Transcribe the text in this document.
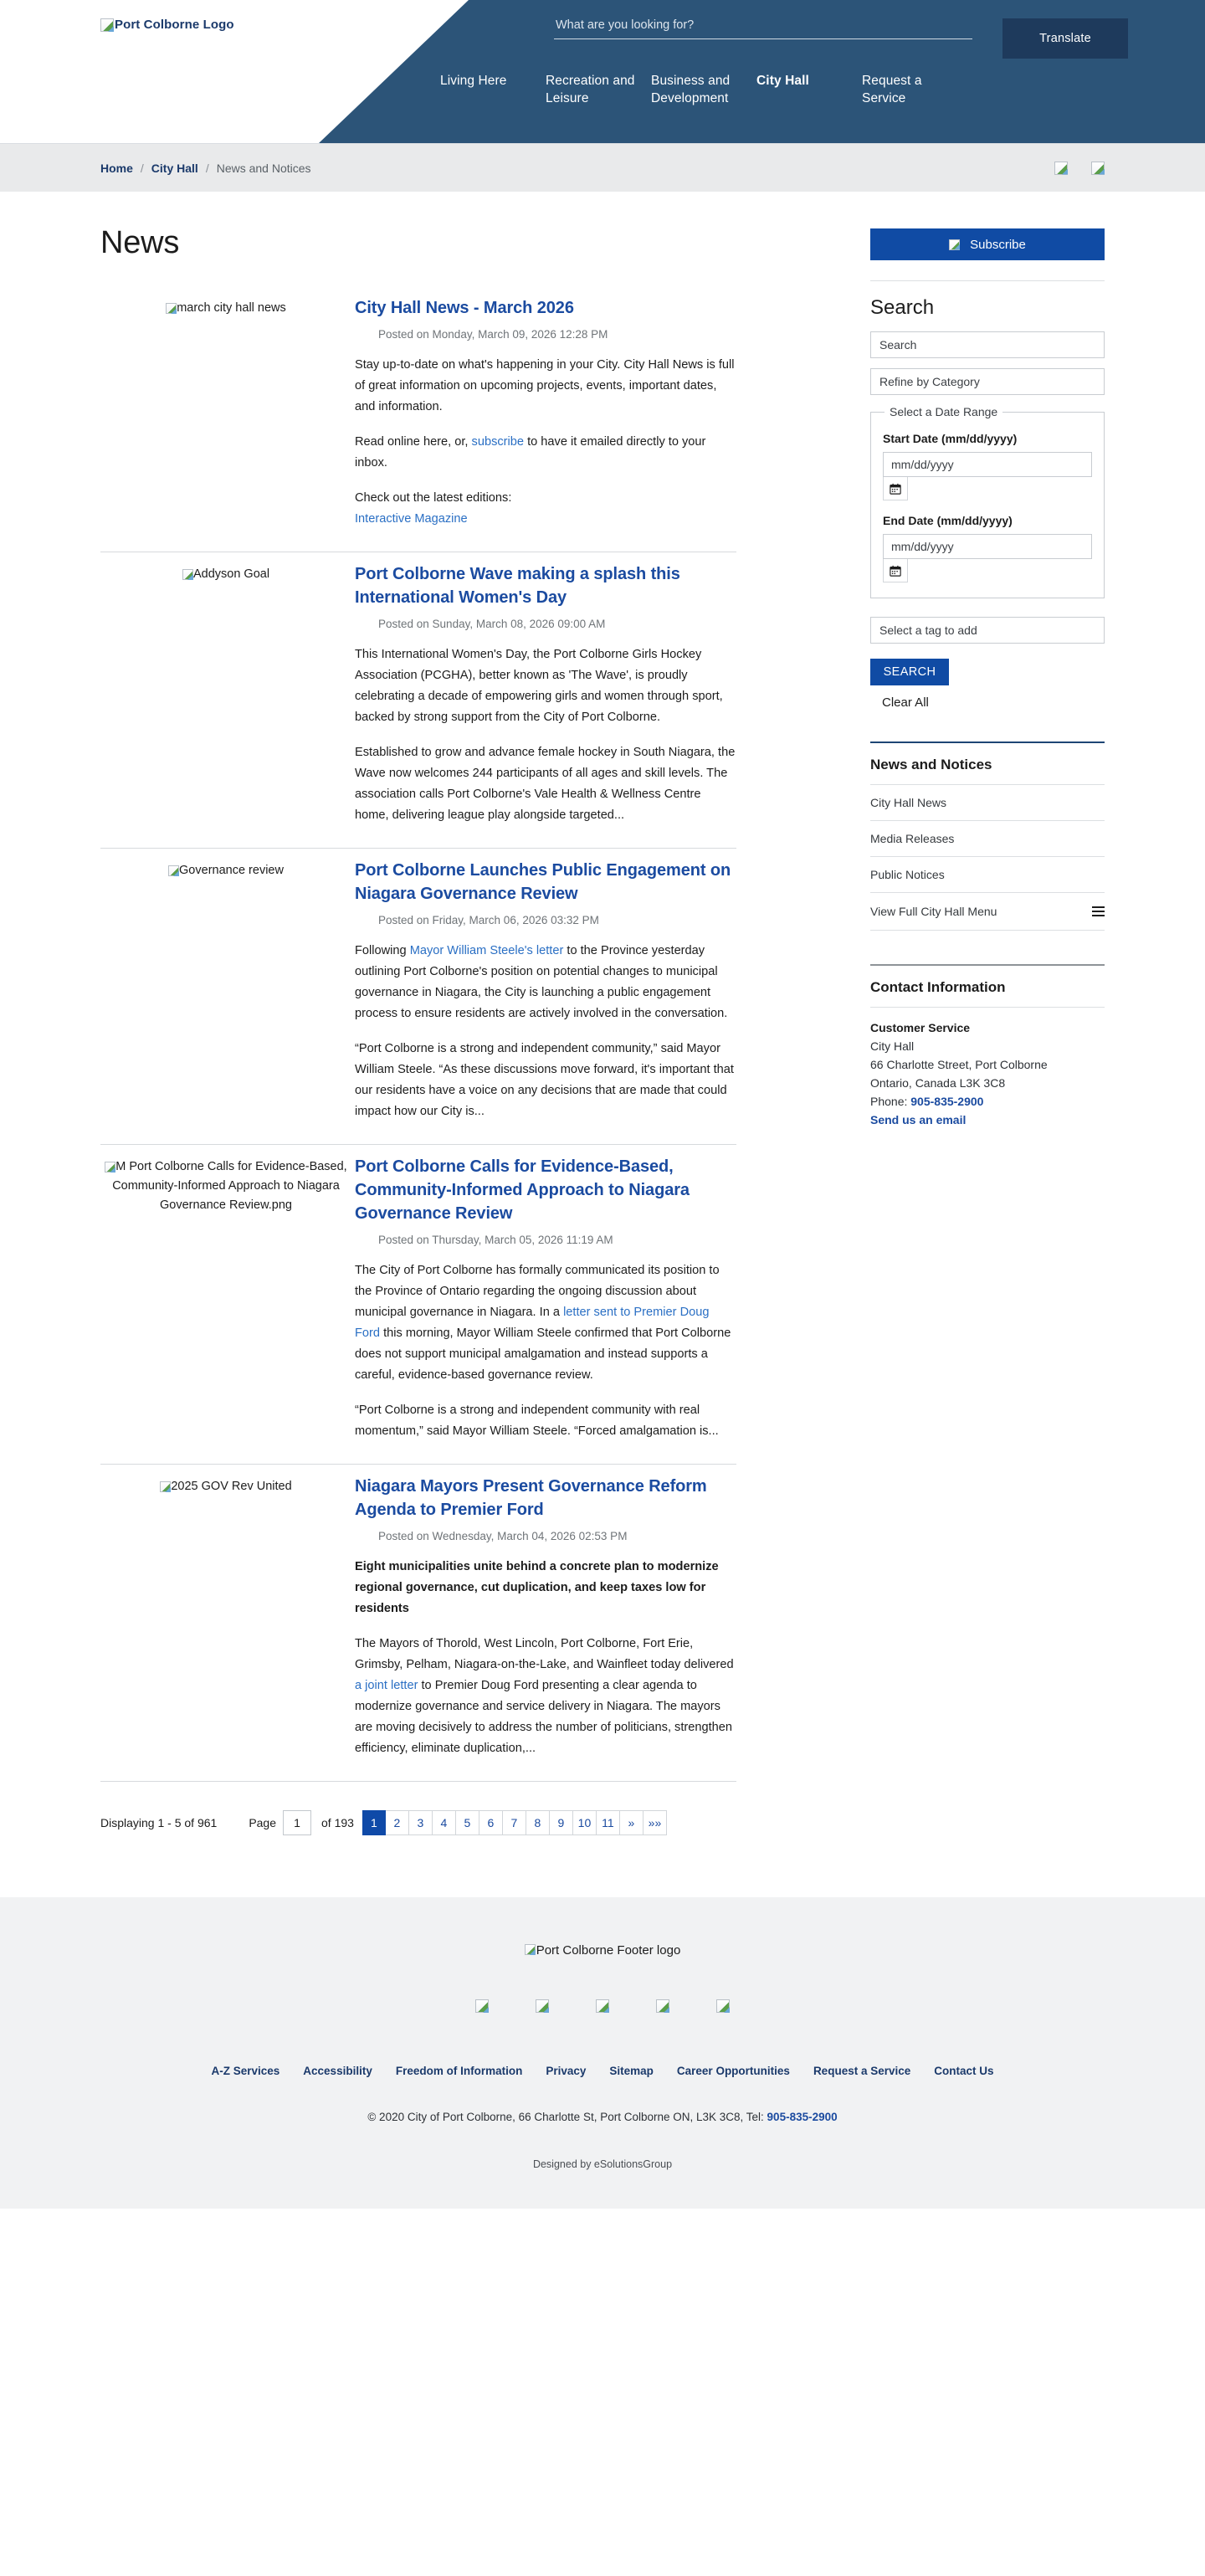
Port Colborne Logo
What are you looking for?
Translate
Living Here	Recreation and Leisure
Business and Development
City Hall	Request a Service
Home / City Hall / News and Notices
News
march city hall news	City Hall News - March 2026
Posted on Monday, March 09, 2026 12:28 PM

Stay up-to-date on what's happening in your City. City Hall News is full of great information on upcoming projects, events, important dates, and information.

Read online here, or, subscribe to have it emailed directly to your inbox.

Check out the latest editions:

Interactive Magazine
Addyson Goal	Port Colborne Wave making a splash this International Women's Day
Posted on Sunday, March 08, 2026 09:00 AM

This International Women's Day, the Port Colborne Girls Hockey Association (PCGHA), better known as 'The Wave', is proudly celebrating a decade of empowering girls and women through sport, backed by strong support from the City of Port Colborne.

Established to grow and advance female hockey in South Niagara, the Wave now welcomes 244 participants of all ages and skill levels. The association calls Port Colborne's Vale Health & Wellness Centre home, delivering league play alongside targeted...

Governance review	Port Colborne Launches Public Engagement on Niagara Governance Review
Posted on Friday, March 06, 2026 03:32 PM

Following Mayor William Steele's letter to the Province yesterday outlining Port Colborne's position on potential changes to municipal governance in Niagara, the City is launching a public engagement process to ensure residents are actively involved in the conversation.

“Port Colborne is a strong and independent community,” said Mayor William Steele. “As these discussions move forward, it's important that our residents have a voice on any decisions that are made that could impact how our City is...

M Port Colborne Calls for Evidence-Based, Community-Informed Approach to Niagara Governance Review.png
Port Colborne Calls for Evidence-Based, Community-Informed Approach to Niagara Governance Review
Posted on Thursday, March 05, 2026 11:19 AM

The City of Port Colborne has formally communicated its position to the Province of Ontario regarding the ongoing discussion about municipal governance in Niagara. In a letter sent to Premier Doug Ford this morning, Mayor William Steele confirmed that Port Colborne does not support municipal amalgamation and instead supports a careful, evidence-based governance review.

“Port Colborne is a strong and independent community with real momentum,” said Mayor William Steele. “Forced amalgamation is...

2025 GOV Rev United	Niagara Mayors Present Governance Reform Agenda to Premier Ford
Posted on Wednesday, March 04, 2026 02:53 PM

Eight municipalities unite behind a concrete plan to modernize regional governance, cut duplication, and keep taxes low for residents

The Mayors of Thorold, West Lincoln, Port Colborne, Fort Erie, Grimsby, Pelham, Niagara-on-the-Lake, and Wainfleet today delivered a joint letter to Premier Doug Ford presenting a clear agenda to modernize governance and service delivery in Niagara. The mayors are moving decisively to address the number of politicians, strengthen efficiency, eliminate duplication,...

Displaying 1 - 5 of 961	Page
1	of 193	1	2	3	4	5	6	7	8	9	10 11	»	»»
Subscribe
Search
Search Refine by Category
Select a Date Range
Start Date (mm/dd/yyyy)
mm/dd/yyyy
End Date (mm/dd/yyyy)
mm/dd/yyyy
Select a tag to add SEARCH
Clear All
News and Notices
City Hall News
Media Releases
Public Notices
View Full City Hall Menu
Contact Information
Customer Service
City Hall
66 Charlotte Street, Port Colborne
Ontario, Canada L3K 3C8
Phone: 905-835-2900
Send us an email
Port Colborne Footer logo
A-Z Services Accessibility Freedom of Information Privacy Sitemap Career Opportunities Request a Service Contact Us
© 2020 City of Port Colborne, 66 Charlotte St, Port Colborne ON, L3K 3C8, Tel: 905-835-2900
Designed by eSolutionsGroup
